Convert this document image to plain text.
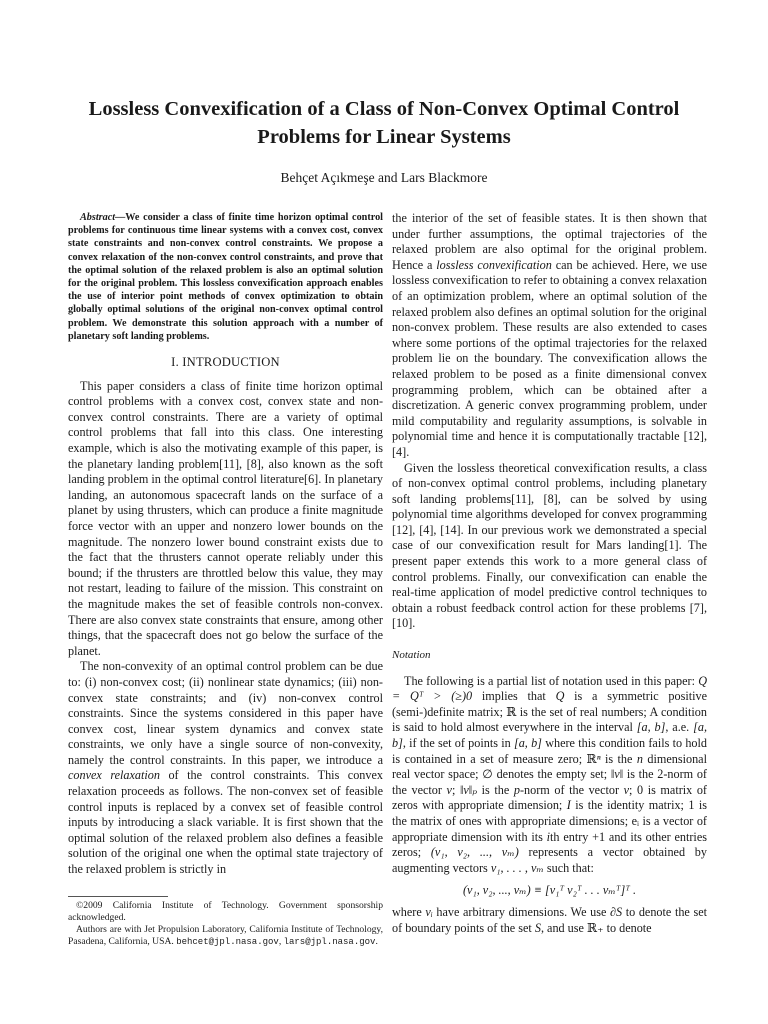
Lossless Convexification of a Class of Non-Convex Optimal Control
Problems for Linear Systems
Behçet Açıkmeşe and Lars Blackmore

Abstract—We consider a class of finite time horizon optimal control problems for continuous time linear systems with a convex cost, convex state constraints and non-convex control constraints. We propose a convex relaxation of the non-convex control constraints, and prove that the optimal solution of the relaxed problem is also an optimal solution for the original problem. This lossless convexification approach enables the use of interior point methods of convex optimization to obtain globally optimal solutions of the original non-convex optimal control problem. We demonstrate this solution approach with a number of planetary soft landing problems.

I. INTRODUCTION

This paper considers a class of finite time horizon optimal control problems with a convex cost, convex state and non-convex control constraints. There are a variety of optimal control problems that fall into this class. One interesting example, which is also the motivating example of this paper, is the planetary landing problem[11], [8], also known as the soft landing problem in the optimal control literature[6]. In planetary landing, an autonomous spacecraft lands on the surface of a planet by using thrusters, which can produce a finite magnitude force vector with an upper and nonzero lower bounds on the magnitude. The nonzero lower bound constraint exists due to the fact that the thrusters cannot operate reliably under this bound; if the thrusters are throttled below this value, they may not restart, leading to failure of the mission. This constraint on the magnitude makes the set of feasible controls non-convex. There are also convex state constraints that ensure, among other things, that the spacecraft does not go below the surface of the planet.

The non-convexity of an optimal control problem can be due to: (i) non-convex cost; (ii) nonlinear state dynamics; (iii) non-convex state constraints; and (iv) non-convex control constraints. Since the systems considered in this paper have convex cost, linear system dynamics and convex state constraints, we only have a single source of non-convexity, namely the control constraints. In this paper, we introduce a convex relaxation of the control constraints. This convex relaxation proceeds as follows. The non-convex set of feasible control inputs is replaced by a convex set of feasible control inputs by introducing a slack variable. It is first shown that the optimal solution of the relaxed problem also defines a feasible solution of the original one when the optimal state trajectory of the relaxed problem is strictly in

the interior of the set of feasible states. It is then shown that under further assumptions, the optimal trajectories of the relaxed problem are also optimal for the original problem. Hence a lossless convexification can be achieved. Here, we use lossless convexification to refer to obtaining a convex relaxation of an optimization problem, where an optimal solution of the relaxed problem also defines an optimal solution for the original non-convex problem. These results are also extended to cases where some portions of the optimal trajectories for the relaxed problem lie on the boundary. The convexification allows the relaxed problem to be posed as a finite dimensional convex programming problem, which can be obtained after a discretization. A generic convex programming problem, under mild computability and regularity assumptions, is solvable in polynomial time and hence it is computationally tractable [12], [4].

Given the lossless theoretical convexification results, a class of non-convex optimal control problems, including planetary soft landing problems[11], [8], can be solved by using polynomial time algorithms developed for convex programming [12], [4], [14]. In our previous work we demonstrated a special case of our convexification result for Mars landing[1]. The present paper extends this work to a more general class of control problems. Finally, our convexification can enable the real-time application of model predictive control techniques to obtain a robust feedback control action for these problems [7], [10].

Notation

The following is a partial list of notation used in this paper: Q = Qᵀ > (≥)0 implies that Q is a symmetric positive (semi-)definite matrix; ℝ is the set of real numbers; A condition is said to hold almost everywhere in the interval [a, b], a.e. [a, b], if the set of points in [a, b] where this condition fails to hold is contained in a set of measure zero; ℝⁿ is the n dimensional real vector space; ∅ denotes the empty set; ‖v‖ is the 2-norm of the vector v; ‖v‖ₚ is the p-norm of the vector v; 0 is matrix of zeros with appropriate dimension; I is the identity matrix; 1 is the matrix of ones with appropriate dimensions; eᵢ is a vector of appropriate dimension with its ith entry +1 and its other entries zeros; (v₁, v₂, ..., vₘ) represents a vector obtained by augmenting vectors v₁, . . . , vₘ such that:

(v₁, v₂, ..., vₘ) ≡ [v₁ᵀ v₂ᵀ . . . vₘᵀ]ᵀ .

where vᵢ have arbitrary dimensions. We use ∂S to denote the set of boundary points of the set S, and use ℝ₊ to denote

©2009 California Institute of Technology. Government sponsorship acknowledged.

Authors are with Jet Propulsion Laboratory, California Institute of Technology, Pasadena, California, USA. behcet@jpl.nasa.gov, lars@jpl.nasa.gov.
